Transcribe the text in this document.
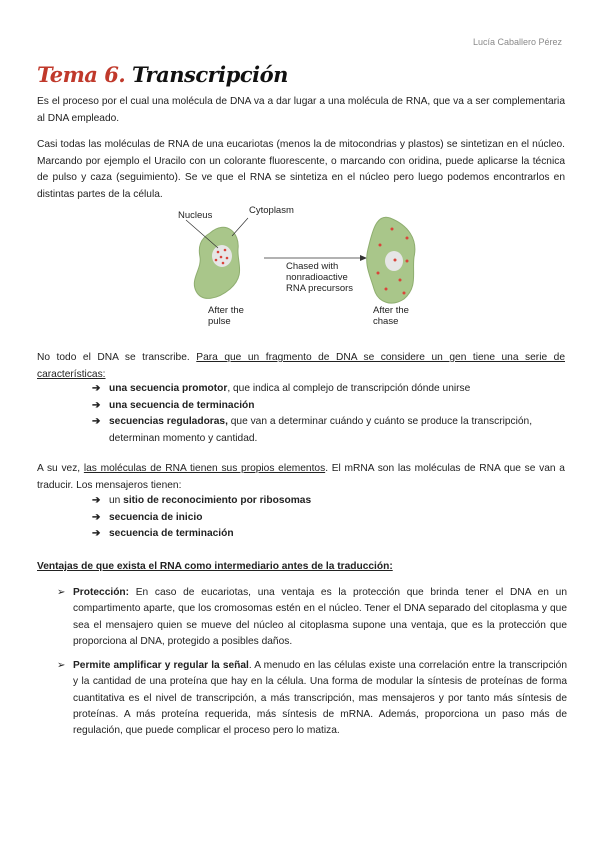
Lucía Caballero Pérez
Tema 6. Transcripción

Es el proceso por el cual una molécula de DNA va a dar lugar a una molécula de RNA, que va a ser complementaria al DNA empleado.

Casi todas las moléculas de RNA de una eucariotas (menos la de mitocondrias y plastos) se sintetizan en el núcleo. Marcando por ejemplo el Uracilo con un colorante fluorescente, o marcando con oridina, puede aplicarse la técnica de pulso y caza (seguimiento). Se ve que el RNA se sintetiza en el núcleo pero luego podemos encontrarlos en distintas partes de la célula.

Nucleus	Cytoplasm
Chased with
nonradioactive
RNA precursors
After the
pulse
After the
chase

No todo el DNA se transcribe. Para que un fragmento de DNA se considere un gen tiene una serie de características:

➔ una secuencia promotor, que indica al complejo de transcripción dónde unirse
➔ una secuencia de terminación
➔ secuencias reguladoras, que van a determinar cuándo y cuánto se produce la transcripción, determinan momento y cantidad.

A su vez, las moléculas de RNA tienen sus propios elementos. El mRNA son las moléculas de RNA que se van a traducir. Los mensajeros tienen:

➔ un sitio de reconocimiento por ribosomas
➔ secuencia de inicio
➔ secuencia de terminación

Ventajas de que exista el RNA como intermediario antes de la traducción:

➢ Protección: En caso de eucariotas, una ventaja es la protección que brinda tener el DNA en un compartimento aparte, que los cromosomas estén en el núcleo. Tener el DNA separado del citoplasma y que sea el mensajero quien se mueve del núcleo al citoplasma supone una ventaja, que es la protección que proporciona al DNA, protegido a posibles daños.
➢ Permite amplificar y regular la señal. A menudo en las células existe una correlación entre la transcripción y la cantidad de una proteína que hay en la célula. Una forma de modular la síntesis de proteínas de forma cuantitativa es el nivel de transcripción, a más transcripción, mas mensajeros y por tanto más síntesis de proteínas. A más proteína requerida, más síntesis de mRNA. Además, proporciona un paso más de regulación, que puede complicar el proceso pero lo matiza.
